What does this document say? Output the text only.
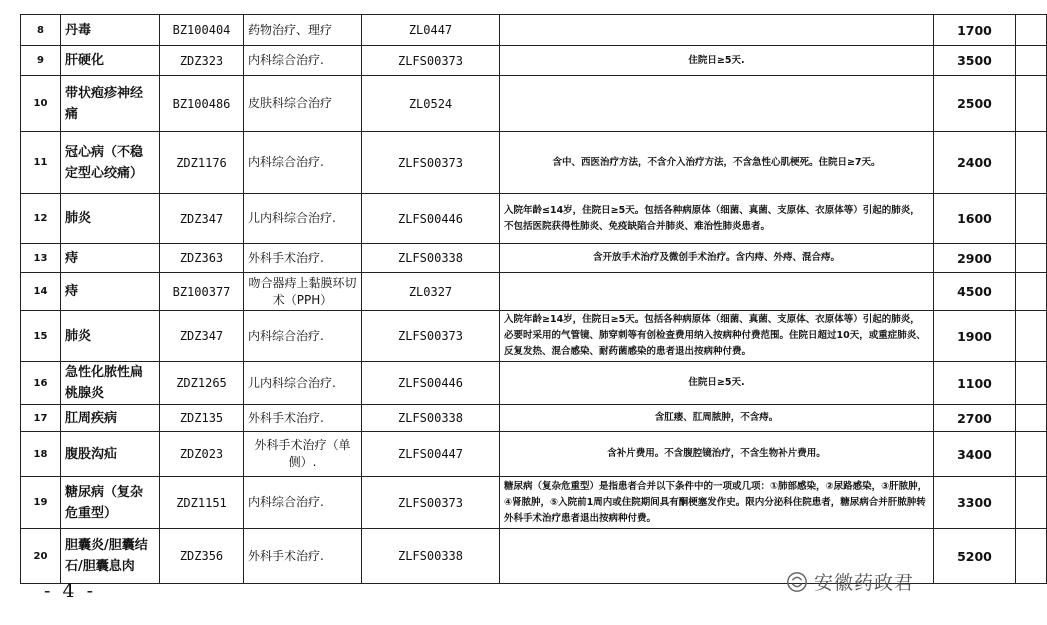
8	丹毒	BZ100404	药物治疗、理疗	ZL0447		1700	
9	肝硬化	ZDZ323	内科综合治疗.	ZLFS00373	住院日≥5天.	3500	
10	带状疱疹神经痛	BZ100486	皮肤科综合治疗	ZL0524		2500	
11	冠心病（不稳定型心绞痛）	ZDZ1176	内科综合治疗.	ZLFS00373	含中、西医治疗方法，不含介入治疗方法，不含急性心肌梗死。住院日≥7天。	2400	
12	肺炎	ZDZ347	儿内科综合治疗.	ZLFS00446	入院年龄≤14岁，住院日≥5天。包括各种病原体（细菌、真菌、支原体、衣原体等）引起的肺炎，不包括医院获得性肺炎、免疫缺陷合并肺炎、难治性肺炎患者。	1600	
13	痔	ZDZ363	外科手术治疗.	ZLFS00338	含开放手术治疗及微创手术治疗。含内痔、外痔、混合痔。	2900	
14	痔	BZ100377	吻合器痔上黏膜环切术（PPH）	ZL0327		4500	
15	肺炎	ZDZ347	内科综合治疗.	ZLFS00373	入院年龄≥14岁，住院日≥5天。包括各种病原体（细菌、真菌、支原体、衣原体等）引起的肺炎，必要时采用的气管镜、肺穿刺等有创检查费用纳入按病种付费范围。住院日超过10天，或重症肺炎、反复发热、混合感染、耐药菌感染的患者退出按病种付费。	1900	
16	急性化脓性扁桃腺炎	ZDZ1265	儿内科综合治疗.	ZLFS00446	住院日≥5天.	1100	
17	肛周疾病	ZDZ135	外科手术治疗.	ZLFS00338	含肛瘘、肛周脓肿，不含痔。	2700	
18	腹股沟疝	ZDZ023	外科手术治疗（单侧）.	ZLFS00447	含补片费用。不含腹腔镜治疗，不含生物补片费用。	3400	
19	糖尿病（复杂危重型）	ZDZ1151	内科综合治疗.	ZLFS00373	糖尿病（复杂危重型）是指患者合并以下条件中的一项或几项：①肺部感染，②尿路感染，③肝脓肿，④肾脓肿，⑤入院前1周内或住院期间具有酮梗塞发作史。限内分泌科住院患者，糖尿病合并肝脓肿转外科手术治疗患者退出按病种付费。	3300	
20	胆囊炎/胆囊结石/胆囊息肉	ZDZ356	外科手术治疗.	ZLFS00338		5200	
- 4 -	安徽药政君
